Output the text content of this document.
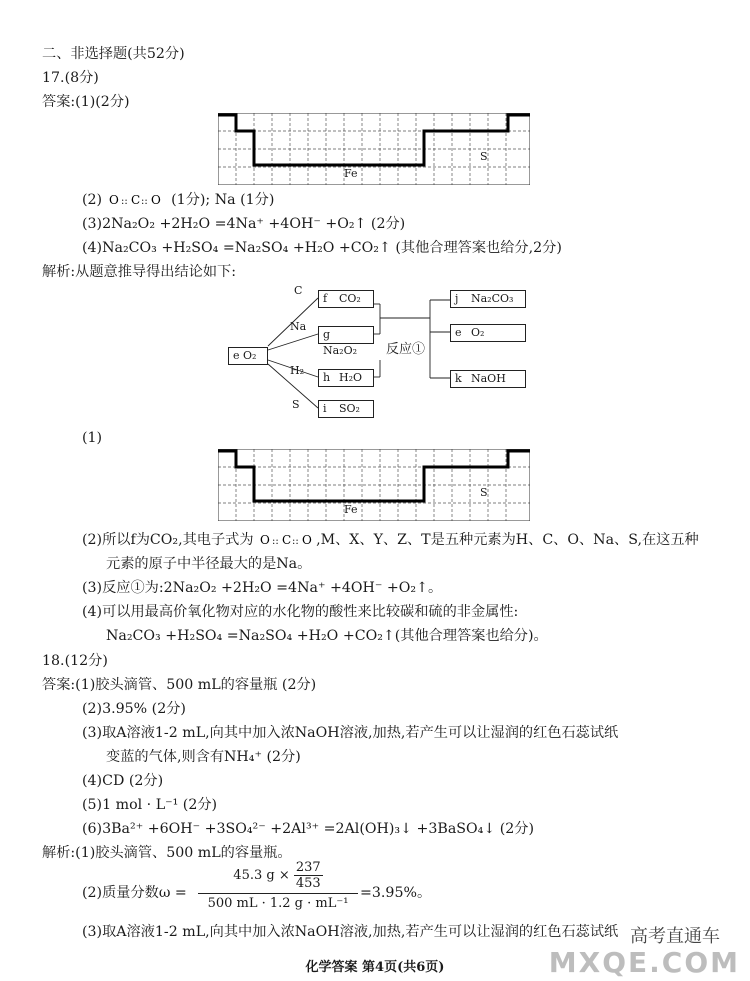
二、非选择题(共52分)
17.(8分)
答案:(1)(2分)
Fe
S
(2) O :: C :: O (1分); Na (1分)
(3)2Na₂O₂ +2H₂O =4Na⁺ +4OH⁻ +O₂↑ (2分)
(4)Na₂CO₃ +H₂SO₄ =Na₂SO₄ +H₂O +CO₂↑ (其他合理答案也给分,2分)
解析:从题意推导得出结论如下:
e O₂
C
Na
H₂
S
f CO₂
gNa₂O₂
h H₂O
i SO₂
反应①
j Na₂CO₃
e O₂
k NaOH
(1)
Fe
S
(2)所以f为CO₂,其电子式为 O :: C :: O ,M、X、Y、Z、T是五种元素为H、C、O、Na、S,在这五种
元素的原子中半径最大的是Na。
(3)反应①为:2Na₂O₂ +2H₂O =4Na⁺ +4OH⁻ +O₂↑。
(4)可以用最高价氧化物对应的水化物的酸性来比较碳和硫的非金属性:
Na₂CO₃ +H₂SO₄ =Na₂SO₄ +H₂O +CO₂↑(其他合理答案也给分)。
18.(12分)
答案:(1)胶头滴管、500 mL的容量瓶 (2分)
(2)3.95% (2分)
(3)取A溶液1-2 mL,向其中加入浓NaOH溶液,加热,若产生可以让湿润的红色石蕊试纸
变蓝的气体,则含有NH₄⁺ (2分)
(4)CD (2分)
(5)1 mol · L⁻¹ (2分)
(6)3Ba²⁺ +6OH⁻ +3SO₄²⁻ +2Al³⁺ =2Al(OH)₃↓ +3BaSO₄↓ (2分)
解析:(1)胶头滴管、500 mL的容量瓶。
(2)质量分数$\omega = \frac{45.3 g \times \frac{237}{453}}{\text{500 mL · 1.2 g · mL⁻¹}} =3.95\%$。
(3)取A溶液1-2 mL,向其中加入浓NaOH溶液,加热,若产生可以让湿润的红色石蕊试纸 高考直通车
化学答案 第4页(共6页)	MXQE.COM
